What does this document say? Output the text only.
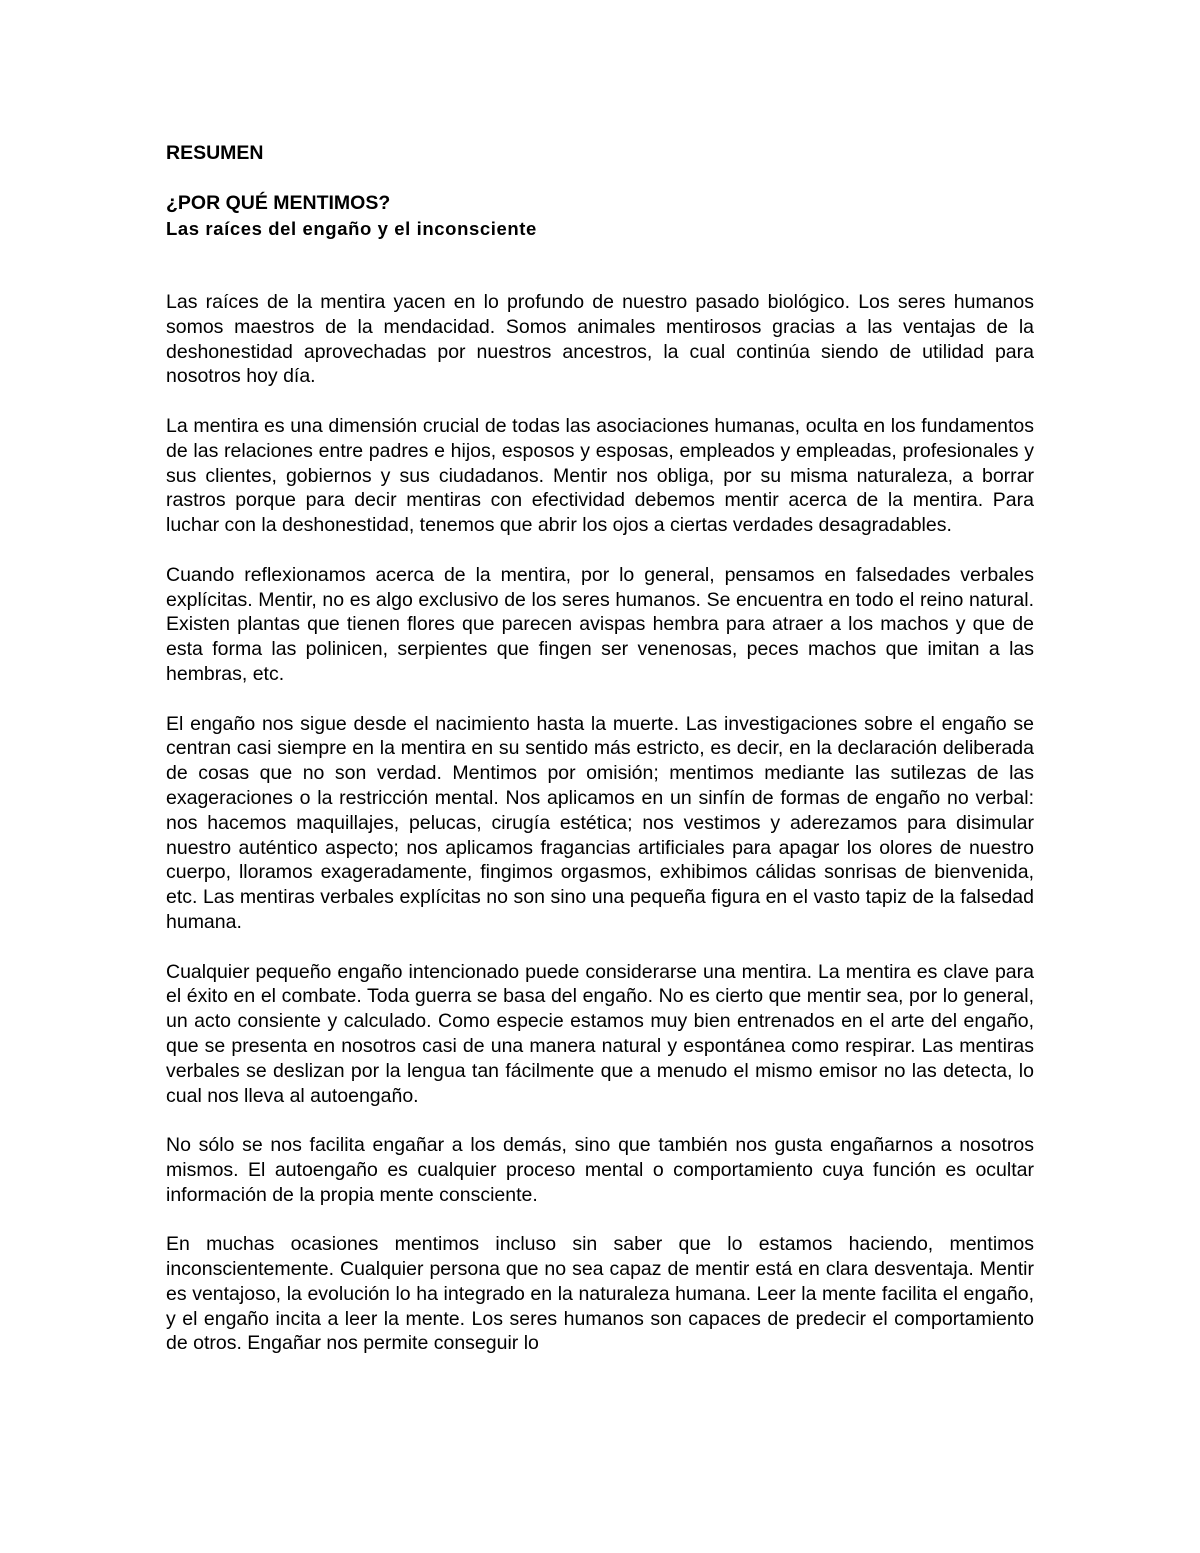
RESUMEN
¿POR QUÉ MENTIMOS?
Las raíces del engaño y el inconsciente

Las raíces de la mentira yacen en lo profundo de nuestro pasado biológico. Los seres humanos somos maestros de la mendacidad. Somos animales mentirosos gracias a las ventajas de la deshonestidad aprovechadas por nuestros ancestros, la cual continúa siendo de utilidad para nosotros hoy día.

La mentira es una dimensión crucial de todas las asociaciones humanas, oculta en los fundamentos de las relaciones entre padres e hijos, esposos y esposas, empleados y empleadas, profesionales y sus clientes, gobiernos y sus ciudadanos. Mentir nos obliga, por su misma naturaleza, a borrar rastros porque para decir mentiras con efectividad debemos mentir acerca de la mentira. Para luchar con la deshonestidad, tenemos que abrir los ojos a ciertas verdades desagradables.

Cuando reflexionamos acerca de la mentira, por lo general, pensamos en falsedades verbales explícitas. Mentir, no es algo exclusivo de los seres humanos. Se encuentra en todo el reino natural. Existen plantas que tienen flores que parecen avispas hembra para atraer a los machos y que de esta forma las polinicen, serpientes que fingen ser venenosas, peces machos que imitan a las hembras, etc.

El engaño nos sigue desde el nacimiento hasta la muerte. Las investigaciones sobre el engaño se centran casi siempre en la mentira en su sentido más estricto, es decir, en la declaración deliberada de cosas que no son verdad. Mentimos por omisión; mentimos mediante las sutilezas de las exageraciones o la restricción mental. Nos aplicamos en un sinfín de formas de engaño no verbal: nos hacemos maquillajes, pelucas, cirugía estética; nos vestimos y aderezamos para disimular nuestro auténtico aspecto; nos aplicamos fragancias artificiales para apagar los olores de nuestro cuerpo, lloramos exageradamente, fingimos orgasmos, exhibimos cálidas sonrisas de bienvenida, etc. Las mentiras verbales explícitas no son sino una pequeña figura en el vasto tapiz de la falsedad humana.

Cualquier pequeño engaño intencionado puede considerarse una mentira. La mentira es clave para el éxito en el combate. Toda guerra se basa del engaño. No es cierto que mentir sea, por lo general, un acto consiente y calculado. Como especie estamos muy bien entrenados en el arte del engaño, que se presenta en nosotros casi de una manera natural y espontánea como respirar. Las mentiras verbales se deslizan por la lengua tan fácilmente que a menudo el mismo emisor no las detecta, lo cual nos lleva al autoengaño.

No sólo se nos facilita engañar a los demás, sino que también nos gusta engañarnos a nosotros mismos. El autoengaño es cualquier proceso mental o comportamiento cuya función es ocultar información de la propia mente consciente.

En muchas ocasiones mentimos incluso sin saber que lo estamos haciendo, mentimos inconscientemente. Cualquier persona que no sea capaz de mentir está en clara desventaja. Mentir es ventajoso, la evolución lo ha integrado en la naturaleza humana. Leer la mente facilita el engaño, y el engaño incita a leer la mente. Los seres humanos son capaces de predecir el comportamiento de otros. Engañar nos permite conseguir lo
